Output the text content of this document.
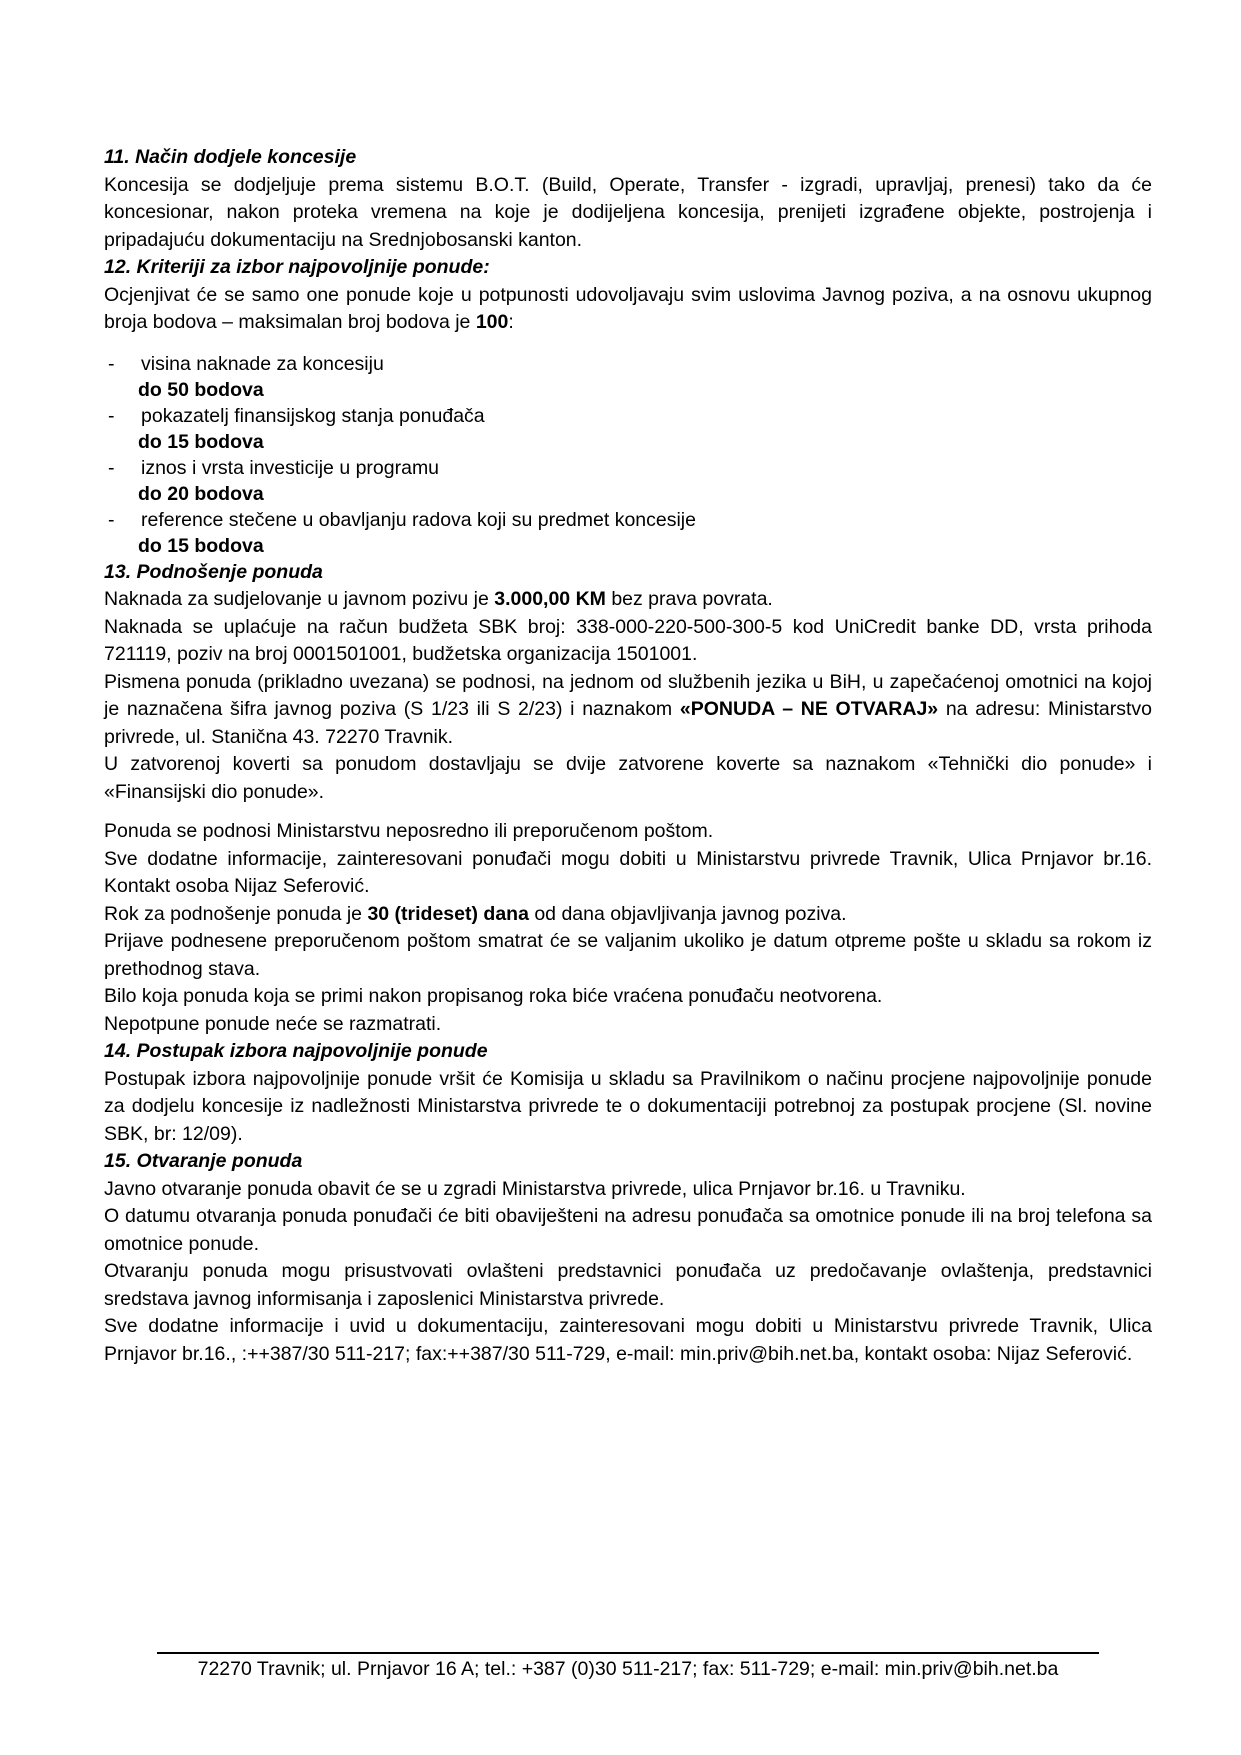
11. Način dodjele koncesije

Koncesija se dodjeljuje prema sistemu B.O.T. (Build, Operate, Transfer - izgradi, upravljaj, prenesi) tako da će koncesionar, nakon proteka vremena na koje je dodijeljena koncesija, prenijeti izgrađene objekte, postrojenja i pripadajuću dokumentaciju na Srednjobosanski kanton.

12. Kriteriji za izbor najpovoljnije ponude:

Ocjenjivat će se samo one ponude koje u potpunosti udovoljavaju svim uslovima Javnog poziva, a na osnovu ukupnog broja bodova – maksimalan broj bodova je 100:

- visina naknade za koncesiju
do 50 bodova
- pokazatelj finansijskog stanja ponuđača
do 15 bodova
- iznos i vrsta investicije u programu
do 20 bodova
- reference stečene u obavljanju radova koji su predmet koncesije
do 15 bodova
13. Podnošenje ponuda

Naknada za sudjelovanje u javnom pozivu je 3.000,00 KM bez prava povrata.

Naknada se uplaćuje na račun budžeta SBK broj: 338-000-220-500-300-5 kod UniCredit banke DD, vrsta prihoda 721119, poziv na broj 0001501001, budžetska organizacija 1501001.

Pismena ponuda (prikladno uvezana) se podnosi, na jednom od službenih jezika u BiH, u zapečaćenoj omotnici na kojoj je naznačena šifra javnog poziva (S 1/23 ili S 2/23) i naznakom «PONUDA – NE OTVARAJ» na adresu: Ministarstvo privrede, ul. Stanična 43. 72270 Travnik.

U zatvorenoj koverti sa ponudom dostavljaju se dvije zatvorene koverte sa naznakom «Tehnički dio ponude» i «Finansijski dio ponude».

Ponuda se podnosi Ministarstvu neposredno ili preporučenom poštom.

Sve dodatne informacije, zainteresovani ponuđači mogu dobiti u Ministarstvu privrede Travnik, Ulica Prnjavor br.16. Kontakt osoba Nijaz Seferović.

Rok za podnošenje ponuda je 30 (trideset) dana od dana objavljivanja javnog poziva.

Prijave podnesene preporučenom poštom smatrat će se valjanim ukoliko je datum otpreme pošte u skladu sa rokom iz prethodnog stava.

Bilo koja ponuda koja se primi nakon propisanog roka biće vraćena ponuđaču neotvorena.

Nepotpune ponude neće se razmatrati.

14. Postupak izbora najpovoljnije ponude

Postupak izbora najpovoljnije ponude vršit će Komisija u skladu sa Pravilnikom o načinu procjene najpovoljnije ponude za dodjelu koncesije iz nadležnosti Ministarstva privrede te o dokumentaciji potrebnoj za postupak procjene (Sl. novine SBK, br: 12/09).

15. Otvaranje ponuda

Javno otvaranje ponuda obavit će se u zgradi Ministarstva privrede, ulica Prnjavor br.16. u Travniku.

O datumu otvaranja ponuda ponuđači će biti obaviješteni na adresu ponuđača sa omotnice ponude ili na broj telefona sa omotnice ponude.

Otvaranju ponuda mogu prisustvovati ovlašteni predstavnici ponuđača uz predočavanje ovlaštenja, predstavnici sredstava javnog informisanja i zaposlenici Ministarstva privrede.

Sve dodatne informacije i uvid u dokumentaciju, zainteresovani mogu dobiti u Ministarstvu privrede Travnik, Ulica Prnjavor br.16., :++387/30 511-217; fax:++387/30 511-729, e-mail: min.priv@bih.net.ba, kontakt osoba: Nijaz Seferović.

72270 Travnik; ul. Prnjavor 16 A; tel.: +387 (0)30 511-217; fax: 511-729; e-mail: min.priv@bih.net.ba
